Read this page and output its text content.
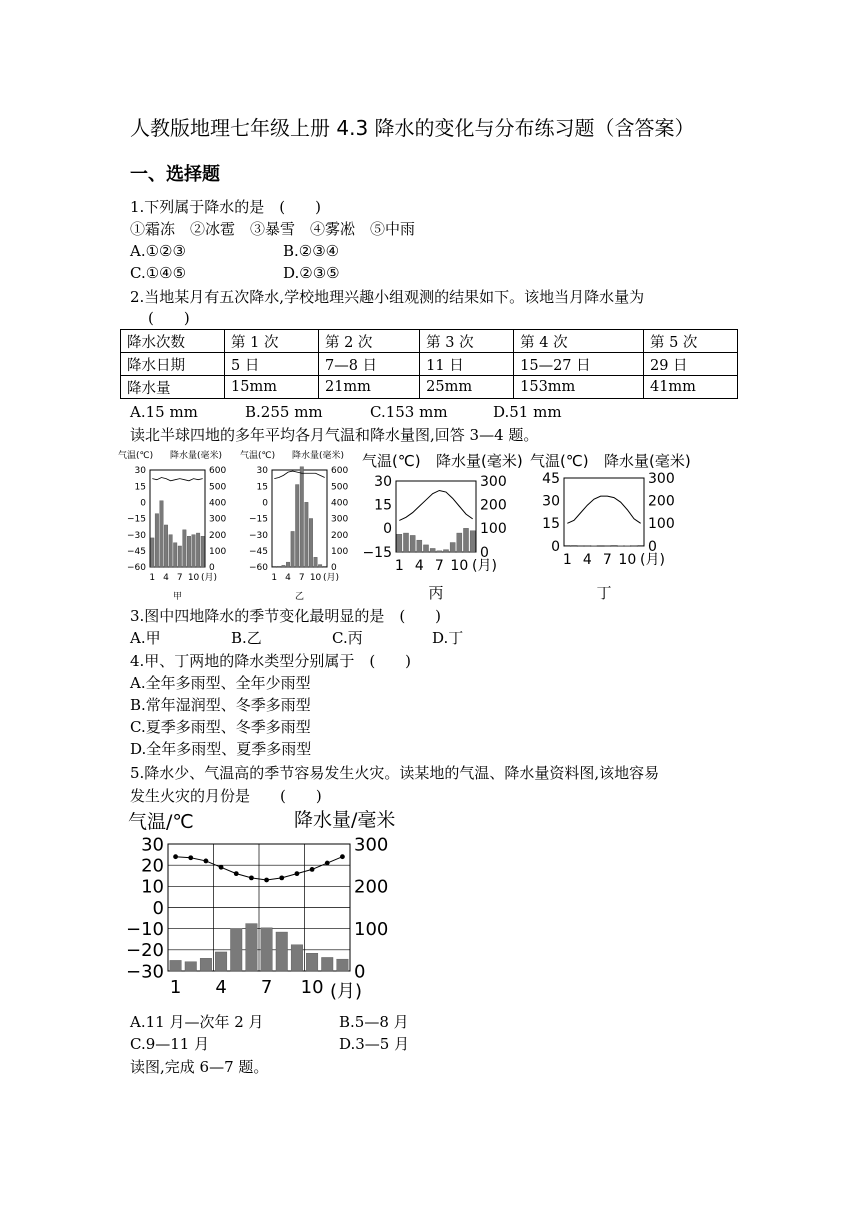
人教版地理七年级上册 4.3 降水的变化与分布练习题（含答案）
一、选择题
1.下列属于降水的是　(　　)
①霜冻　②冰雹　③暴雪　④雾凇　⑤中雨
A.①②③	B.②③④
C.①④⑤	D.②③⑤
2.当地某月有五次降水,学校地理兴趣小组观测的结果如下。该地当月降水量为
(　　)
降水次数	第 1 次	第 2 次	第 3 次	第 4 次	第 5 次
降水日期	5 日	7—8 日	11 日	15—27 日	29 日
降水量	15mm	21mm	25mm	153mm	41mm
A.15 mm	B.255 mm	C.153 mm	D.51 mm
读北半球四地的多年平均各月气温和降水量图,回答 3—4 题。
气温(℃) 降水量(毫米)
30
15
0
−15
−30
−45
−60
600
500
400
300
200
100
0
1 4 7 10 (月)
甲
气温(℃) 降水量(毫米)
30
15
0
−15
−30
−45
−60
600
500
400
300
200
100
0
1 4 7 10 (月)
乙
气温(℃) 降水量(毫米)
30
15
0
−15
300
200
100
0
1 4 7 10 (月)
丙
气温(℃) 降水量(毫米)
45
30
15
0
300
200
100
0
1 4 7 10 (月)
丁
3.图中四地降水的季节变化最明显的是　(　　)
A.甲	B.乙	C.丙	D.丁
4.甲、丁两地的降水类型分别属于　(　　)
A.全年多雨型、全年少雨型
B.常年湿润型、冬季多雨型
C.夏季多雨型、冬季多雨型
D.全年多雨型、夏季多雨型
5.降水少、气温高的季节容易发生火灾。读某地的气温、降水量资料图,该地容易
发生火灾的月份是　　(　　)
气温/℃	降水量/毫米
30
20
10
0
−10
−20
−30
300
200
100
0
1 4 7 10 (月)
A.11 月—次年 2 月	B.5—8 月
C.9—11 月	D.3—5 月
读图,完成 6—7 题。
